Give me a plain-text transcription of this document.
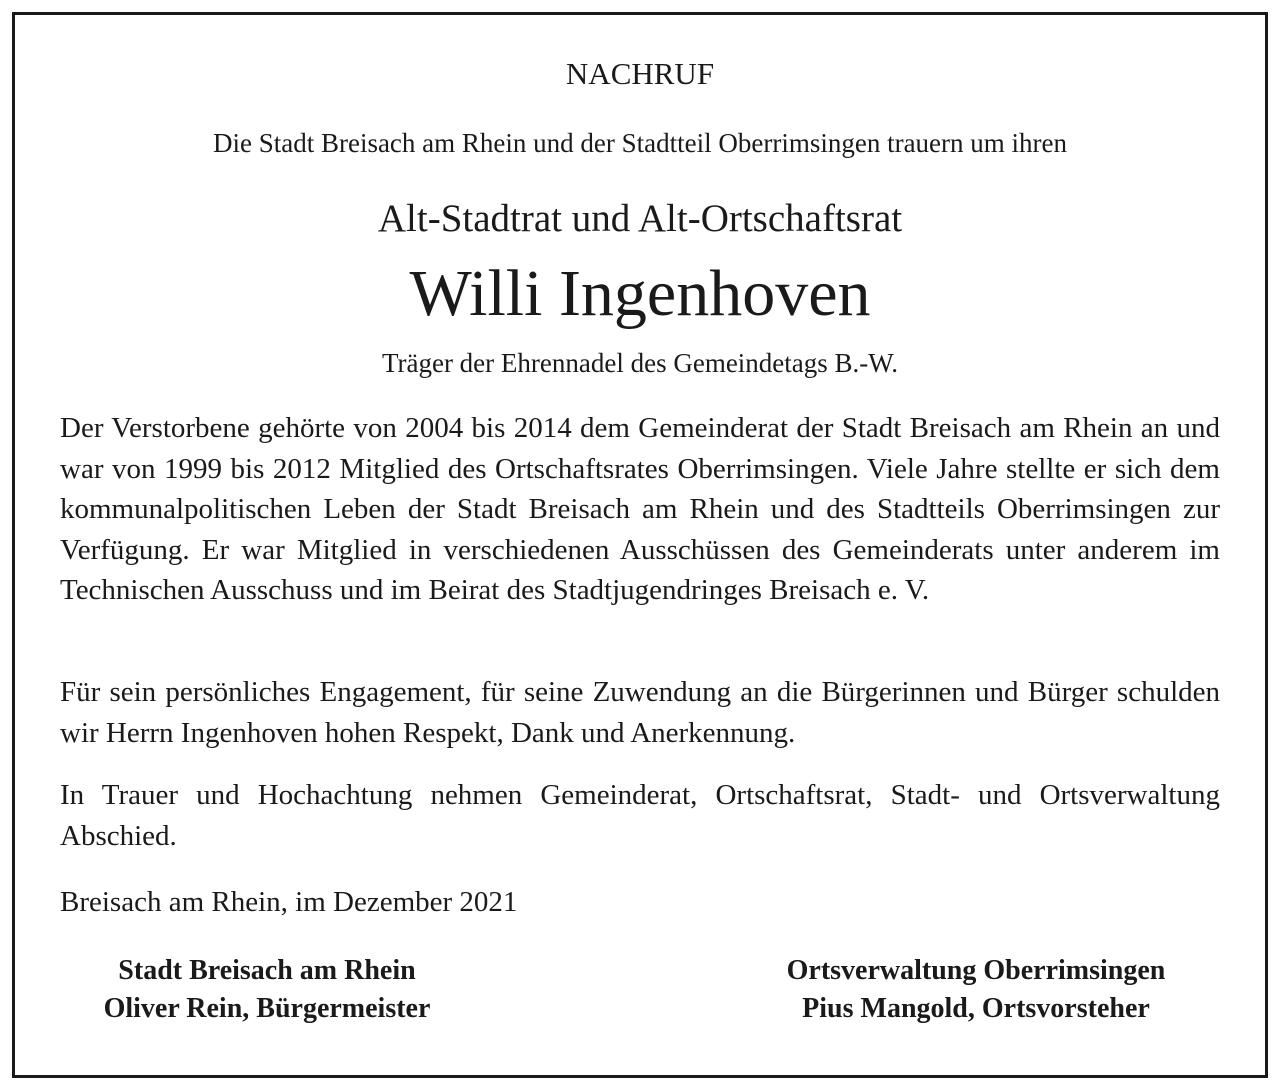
NACHRUF
Die Stadt Breisach am Rhein und der Stadtteil Oberrimsingen trauern um ihren
Alt-Stadtrat und Alt-Ortschaftsrat
Willi Ingenhoven
Träger der Ehrennadel des Gemeindetags B.-W.

Der Verstorbene gehörte von 2004 bis 2014 dem Gemeinderat der Stadt Breisach am Rhein an und war von 1999 bis 2012 Mitglied des Ortschaftsrates Oberrimsingen. Viele Jahre stellte er sich dem kommunalpolitischen Leben der Stadt Breisach am Rhein und des Stadtteils Oberrimsingen zur Verfügung. Er war Mitglied in verschiedenen Ausschüssen des Gemeinderats unter anderem im Technischen Ausschuss und im Beirat des Stadtjugendringes Breisach e. V.

Für sein persönliches Engagement, für seine Zuwendung an die Bürgerinnen und Bürger schulden wir Herrn Ingenhoven hohen Respekt, Dank und Anerkennung.

In Trauer und Hochachtung nehmen Gemeinderat, Ortschaftsrat, Stadt- und Ortsverwaltung Abschied.

Breisach am Rhein, im Dezember 2021

Stadt Breisach am Rhein
Oliver Rein, Bürgermeister
Ortsverwaltung Oberrimsingen
Pius Mangold, Ortsvorsteher
